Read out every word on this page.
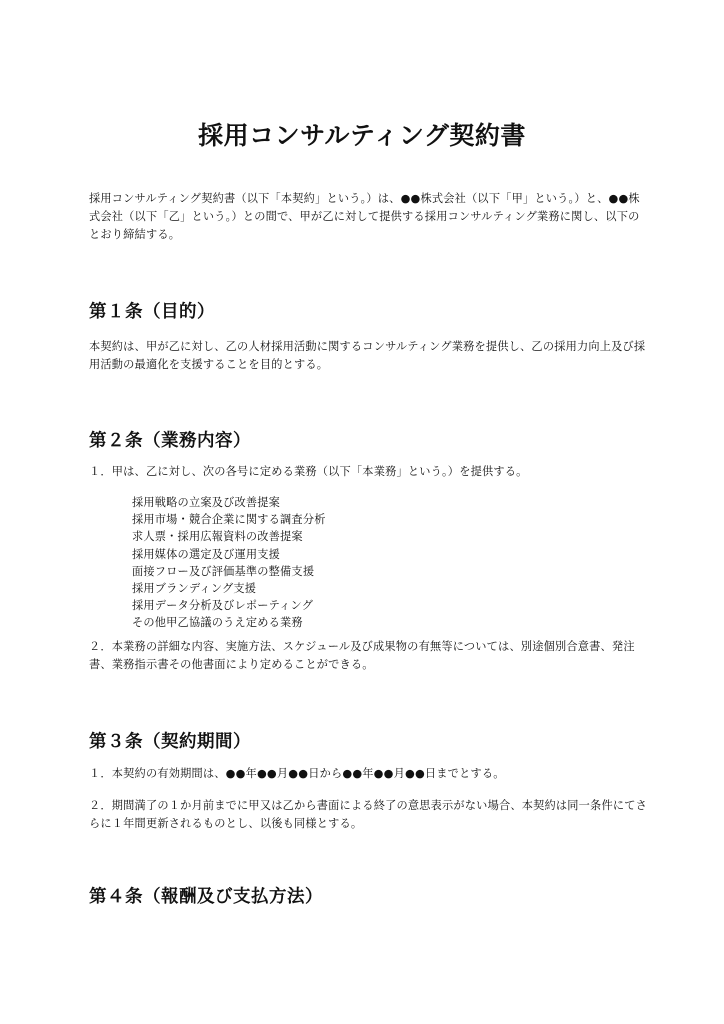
採用コンサルティング契約書

採用コンサルティング契約書（以下「本契約」という。）は、●●株式会社（以下「甲」という。）と、●●株式会社（以下「乙」という。）との間で、甲が乙に対して提供する採用コンサルティング業務に関し、以下のとおり締結する。

第１条（目的）

本契約は、甲が乙に対し、乙の人材採用活動に関するコンサルティング業務を提供し、乙の採用力向上及び採用活動の最適化を支援することを目的とする。

第２条（業務内容）

１．甲は、乙に対し、次の各号に定める業務（以下「本業務」という。）を提供する。

採用戦略の立案及び改善提案
採用市場・競合企業に関する調査分析
求人票・採用広報資料の改善提案
採用媒体の選定及び運用支援
面接フロー及び評価基準の整備支援
採用ブランディング支援
採用データ分析及びレポーティング
その他甲乙協議のうえ定める業務

２．本業務の詳細な内容、実施方法、スケジュール及び成果物の有無等については、別途個別合意書、発注書、業務指示書その他書面により定めることができる。

第３条（契約期間）

１．本契約の有効期間は、●●年●●月●●日から●●年●●月●●日までとする。

２．期間満了の１か月前までに甲又は乙から書面による終了の意思表示がない場合、本契約は同一条件にてさらに１年間更新されるものとし、以後も同様とする。

第４条（報酬及び支払方法）
